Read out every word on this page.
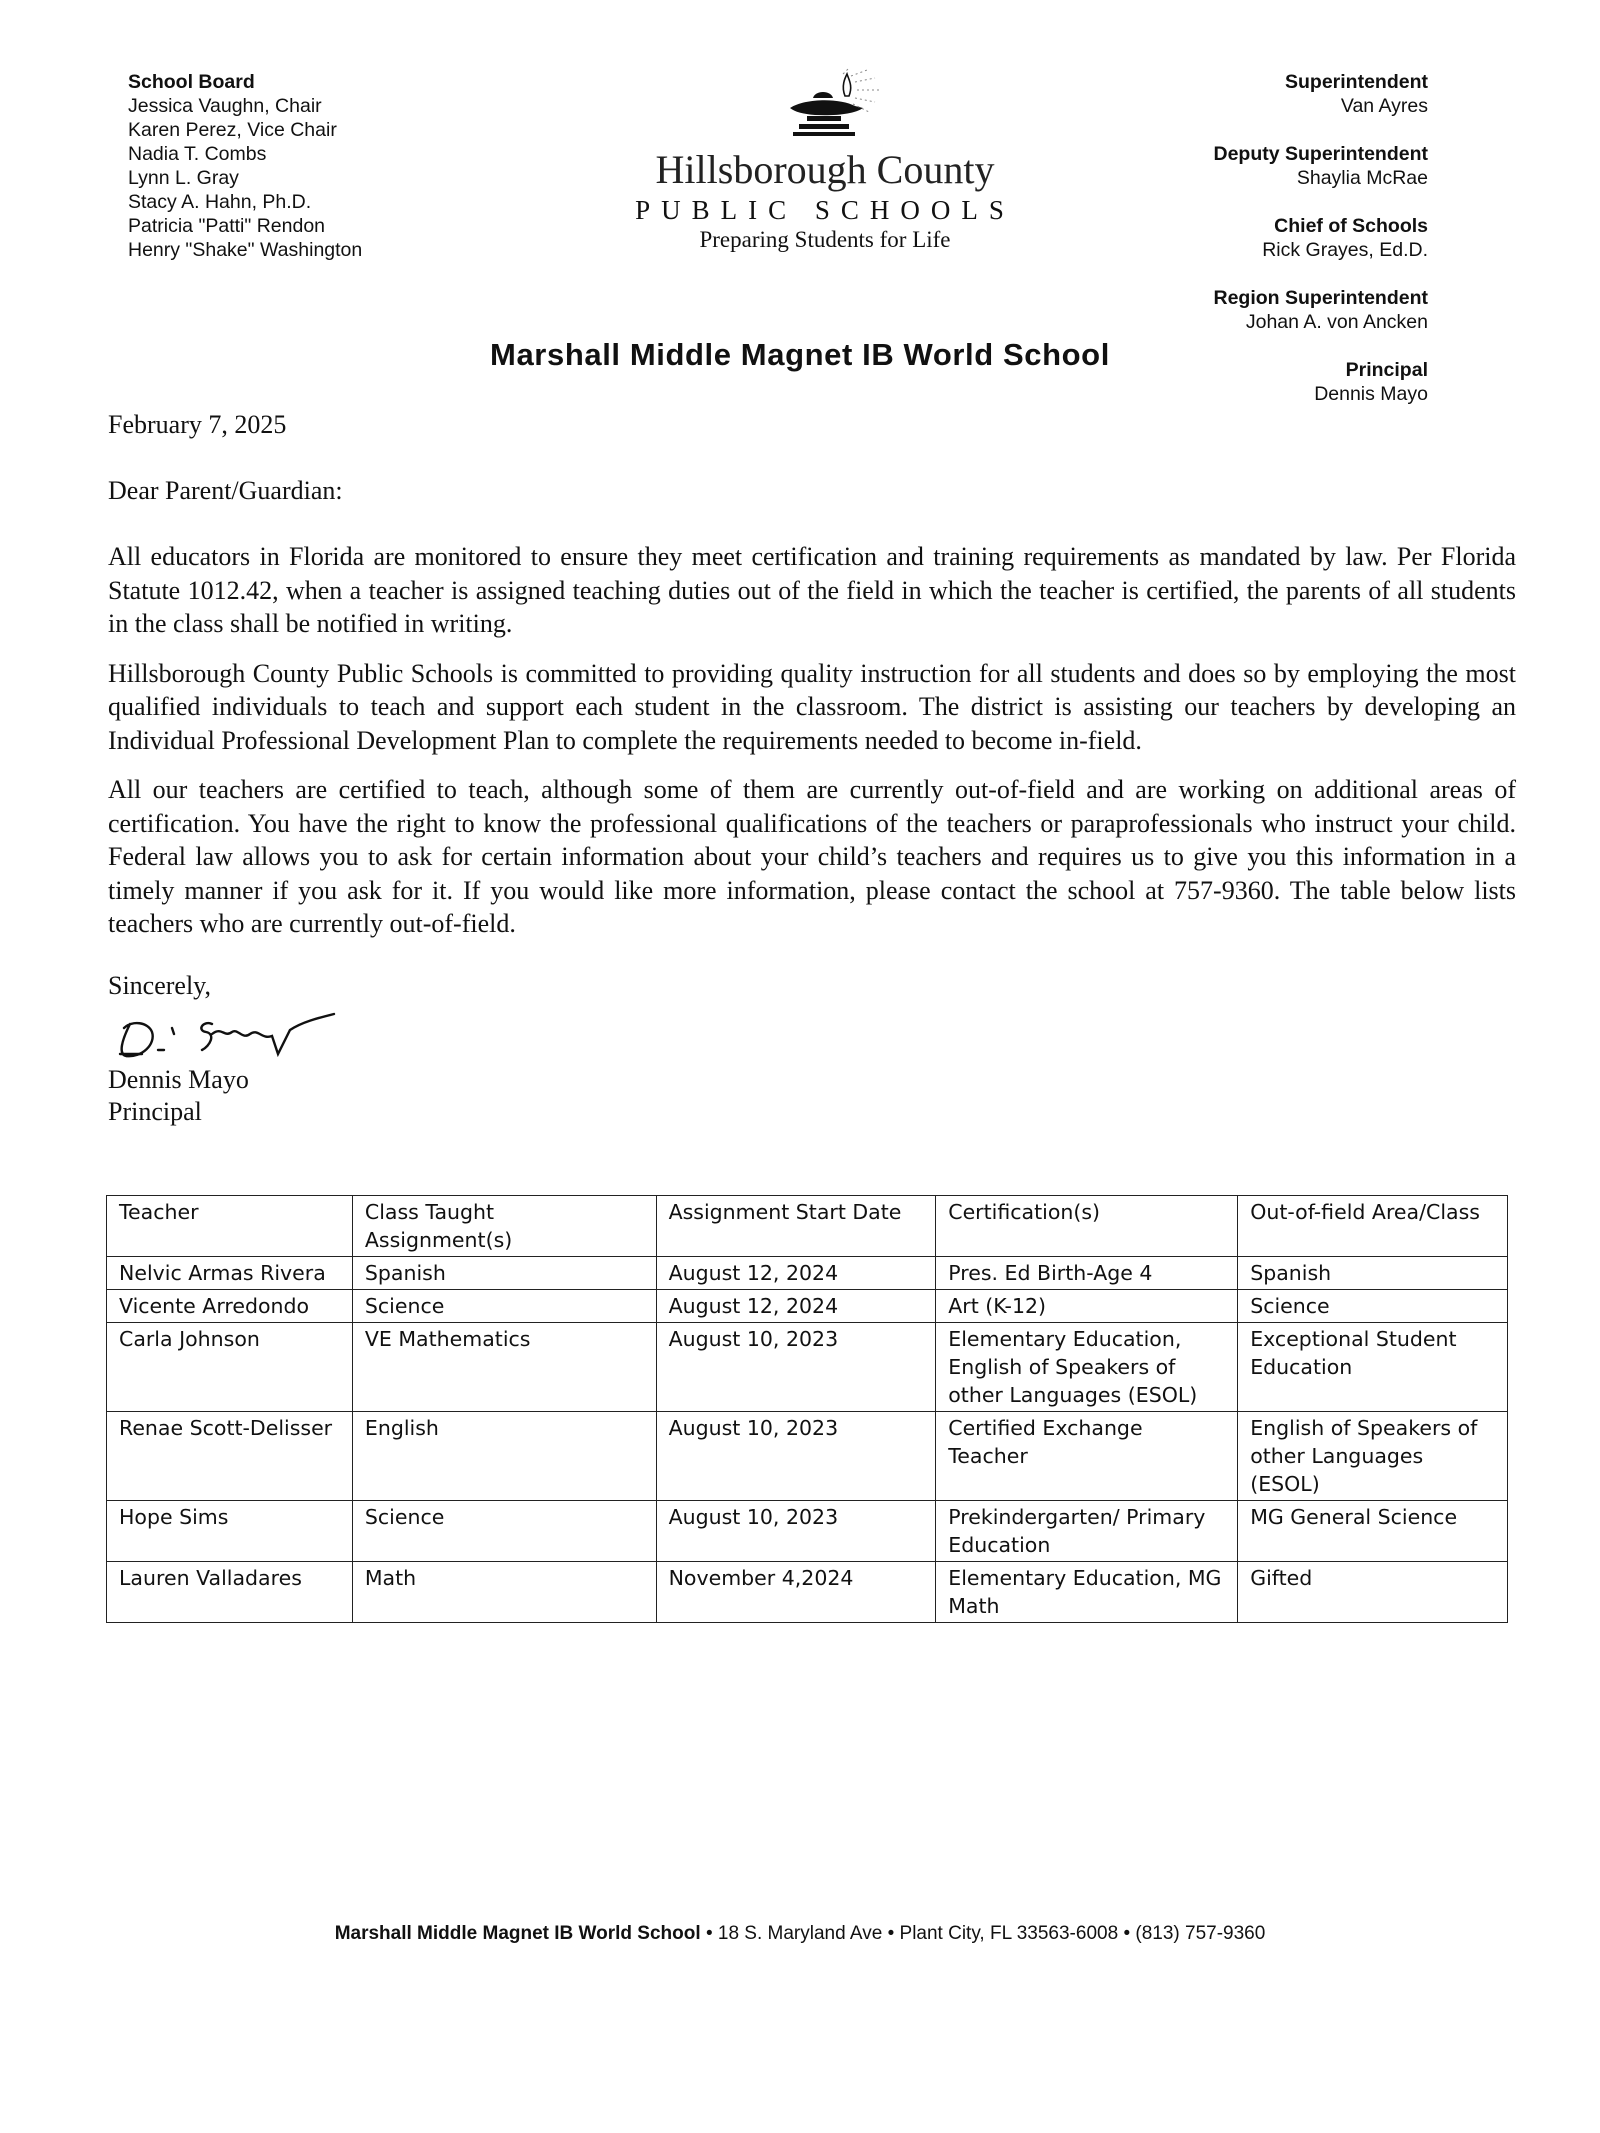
School Board
Jessica Vaughn, Chair
Karen Perez, Vice Chair
Nadia T. Combs
Lynn L. Gray
Stacy A. Hahn, Ph.D.
Patricia "Patti" Rendon
Henry "Shake" Washington
Hillsborough County
PUBLIC SCHOOLS
Preparing Students for Life
Superintendent
Van Ayres
Deputy Superintendent
Shaylia McRae
Chief of Schools
Rick Grayes, Ed.D.
Region Superintendent
Johan A. von Ancken
Principal
Dennis Mayo
Marshall Middle Magnet IB World School
February 7, 2025
Dear Parent/Guardian:

All educators in Florida are monitored to ensure they meet certification and training requirements as mandated by law. Per Florida Statute 1012.42, when a teacher is assigned teaching duties out of the field in which the teacher is certified, the parents of all students in the class shall be notified in writing.

Hillsborough County Public Schools is committed to providing quality instruction for all students and does so by employing the most qualified individuals to teach and support each student in the classroom. The district is assisting our teachers by developing an Individual Professional Development Plan to complete the requirements needed to become in-field.

All our teachers are certified to teach, although some of them are currently out-of-field and are working on additional areas of certification. You have the right to know the professional qualifications of the teachers or paraprofessionals who instruct your child. Federal law allows you to ask for certain information about your child’s teachers and requires us to give you this information in a timely manner if you ask for it. If you would like more information, please contact the school at 757-9360. The table below lists teachers who are currently out-of-field.

Sincerely,
Dennis Mayo
Principal
Teacher	Class Taught Assignment(s)	Assignment Start Date	Certification(s)	Out-of-field Area/Class
Nelvic Armas Rivera	Spanish	August 12, 2024	Pres. Ed Birth-Age 4	Spanish
Vicente Arredondo	Science	August 12, 2024	Art (K-12)	Science
Carla Johnson	VE Mathematics	August 10, 2023	Elementary Education, English of Speakers of other Languages (ESOL)	Exceptional Student Education
Renae Scott-Delisser	English	August 10, 2023	Certified Exchange Teacher	English of Speakers of other Languages (ESOL)
Hope Sims	Science	August 10, 2023	Prekindergarten/ Primary Education	MG General Science
Lauren Valladares	Math	November 4,2024	Elementary Education, MG Math	Gifted
Marshall Middle Magnet IB World School • 18 S. Maryland Ave • Plant City, FL 33563-6008 • (813) 757-9360
